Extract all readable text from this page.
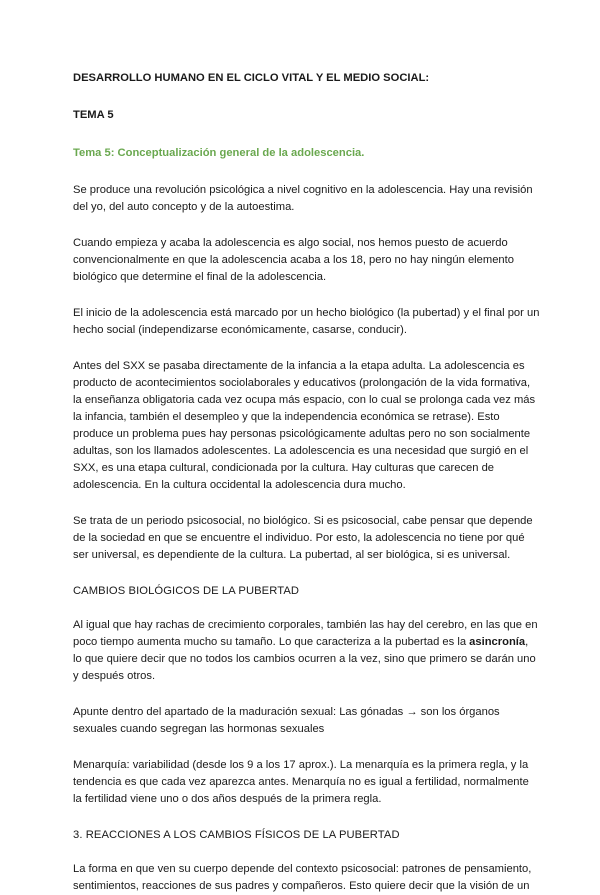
DESARROLLO HUMANO EN EL CICLO VITAL Y EL MEDIO SOCIAL:
TEMA 5
Tema 5: Conceptualización general de la adolescencia.

Se produce una revolución psicológica a nivel cognitivo en la adolescencia. Hay una revisión del yo, del auto concepto y de la autoestima.

Cuando empieza y acaba la adolescencia es algo social, nos hemos puesto de acuerdo convencionalmente en que la adolescencia acaba a los 18, pero no hay ningún elemento biológico que determine el final de la adolescencia.

El inicio de la adolescencia está marcado por un hecho biológico (la pubertad) y el final por un hecho social (independizarse económicamente, casarse, conducir).

Antes del SXX se pasaba directamente de la infancia a la etapa adulta. La adolescencia es producto de acontecimientos sociolaborales y educativos (prolongación de la vida formativa, la enseñanza obligatoria cada vez ocupa más espacio, con lo cual se prolonga cada vez más la infancia, también el desempleo y que la independencia económica se retrase). Esto produce un problema pues hay personas psicológicamente adultas pero no son socialmente adultas, son los llamados adolescentes. La adolescencia es una necesidad que surgió en el SXX, es una etapa cultural, condicionada por la cultura. Hay culturas que carecen de adolescencia. En la cultura occidental la adolescencia dura mucho.

Se trata de un periodo psicosocial, no biológico. Si es psicosocial, cabe pensar que depende de la sociedad en que se encuentre el individuo. Por esto, la adolescencia no tiene por qué ser universal, es dependiente de la cultura. La pubertad, al ser biológica, si es universal.

CAMBIOS BIOLÓGICOS DE LA PUBERTAD

Al igual que hay rachas de crecimiento corporales, también las hay del cerebro, en las que en poco tiempo aumenta mucho su tamaño. Lo que caracteriza a la pubertad es la asincronía, lo que quiere decir que no todos los cambios ocurren a la vez, sino que primero se darán uno y después otros.

Apunte dentro del apartado de la maduración sexual: Las gónadas → son los órganos sexuales cuando segregan las hormonas sexuales

Menarquía: variabilidad (desde los 9 a los 17 aprox.). La menarquía es la primera regla, y la tendencia es que cada vez aparezca antes. Menarquía no es igual a fertilidad, normalmente la fertilidad viene uno o dos años después de la primera regla.

3. REACCIONES A LOS CAMBIOS FÍSICOS DE LA PUBERTAD

La forma en que ven su cuerpo depende del contexto psicosocial: patrones de pensamiento, sentimientos, reacciones de sus padres y compañeros. Esto quiere decir que la visión de un
